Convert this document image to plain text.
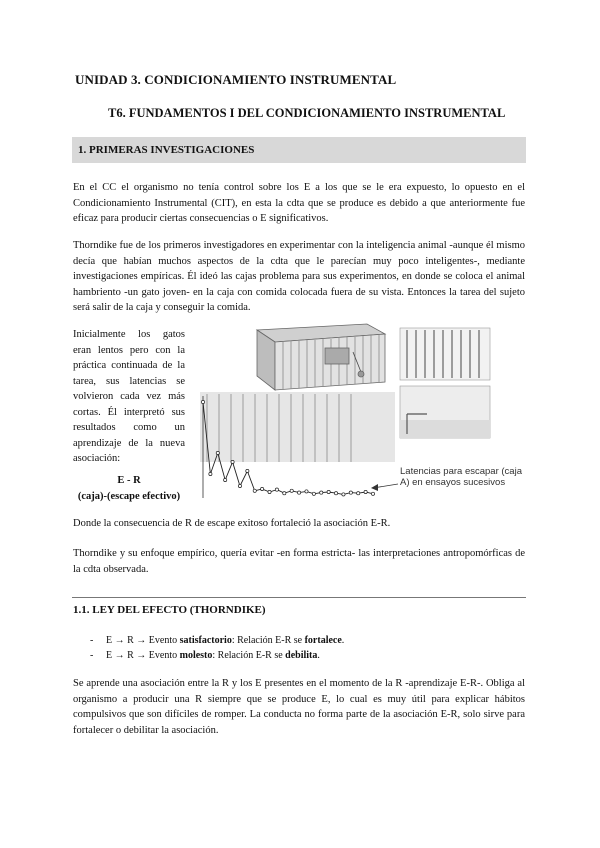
UNIDAD 3. CONDICIONAMIENTO INSTRUMENTAL
T6. FUNDAMENTOS I DEL CONDICIONAMIENTO INSTRUMENTAL
1. PRIMERAS INVESTIGACIONES
En el CC el organismo no tenía control sobre los E a los que se le era expuesto, lo opuesto en el Condicionamiento Instrumental (CIT), en esta la cdta que se produce es debido a que anteriormente fue eficaz para producir ciertas consecuencias o E significativos.
Thorndike fue de los primeros investigadores en experimentar con la inteligencia animal -aunque él mismo decía que habían muchos aspectos de la cdta que le parecían muy poco inteligentes-, mediante investigaciones empíricas. Él ideó las cajas problema para sus experimentos, en donde se coloca el animal hambriento -un gato joven- en la caja con comida colocada fuera de su vista. Entonces la tarea del sujeto será salir de la caja y conseguir la comida.
Inicialmente los gatos eran lentos pero con la práctica continuada de la tarea, sus latencias se volvieron cada vez más cortas. Él interpretó sus resultados como un aprendizaje de la nueva asociación:
E - R
(caja)-(escape efectivo)
Latencias para escapar (caja A) en ensayos sucesivos
Donde la consecuencia de R de escape exitoso fortaleció la asociación E-R.
Thorndike y su enfoque empírico, quería evitar -en forma estricta- las interpretaciones antropomórficas de la cdta observada.
1.1. LEY DEL EFECTO (THORNDIKE)
- E → R → Evento satisfactorio: Relación E-R se fortalece.
- E → R → Evento molesto: Relación E-R se debilita.
Se aprende una asociación entre la R y los E presentes en el momento de la R -aprendizaje E-R-. Obliga al organismo a producir una R siempre que se produce E, lo cual es muy útil para explicar hábitos compulsivos que son difíciles de romper. La conducta no forma parte de la asociación E-R, solo sirve para fortalecer o debilitar la asociación.
